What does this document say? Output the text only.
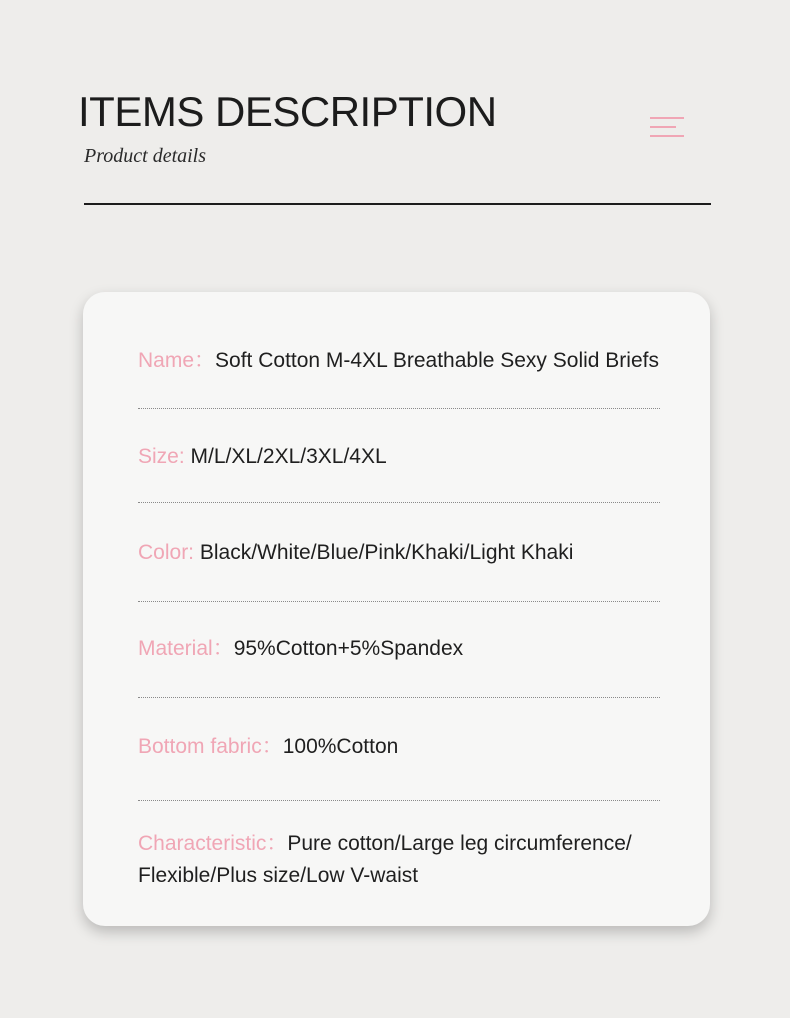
ITEMS DESCRIPTION
Product details
Name：Soft Cotton M-4XL Breathable Sexy Solid Briefs
Size: M/L/XL/2XL/3XL/4XL
Color: Black/White/Blue/Pink/Khaki/Light Khaki
Material：95%Cotton+5%Spandex
Bottom fabric：100%Cotton
Characteristic：Pure cotton/Large leg circumference/ Flexible/Plus size/Low V-waist
